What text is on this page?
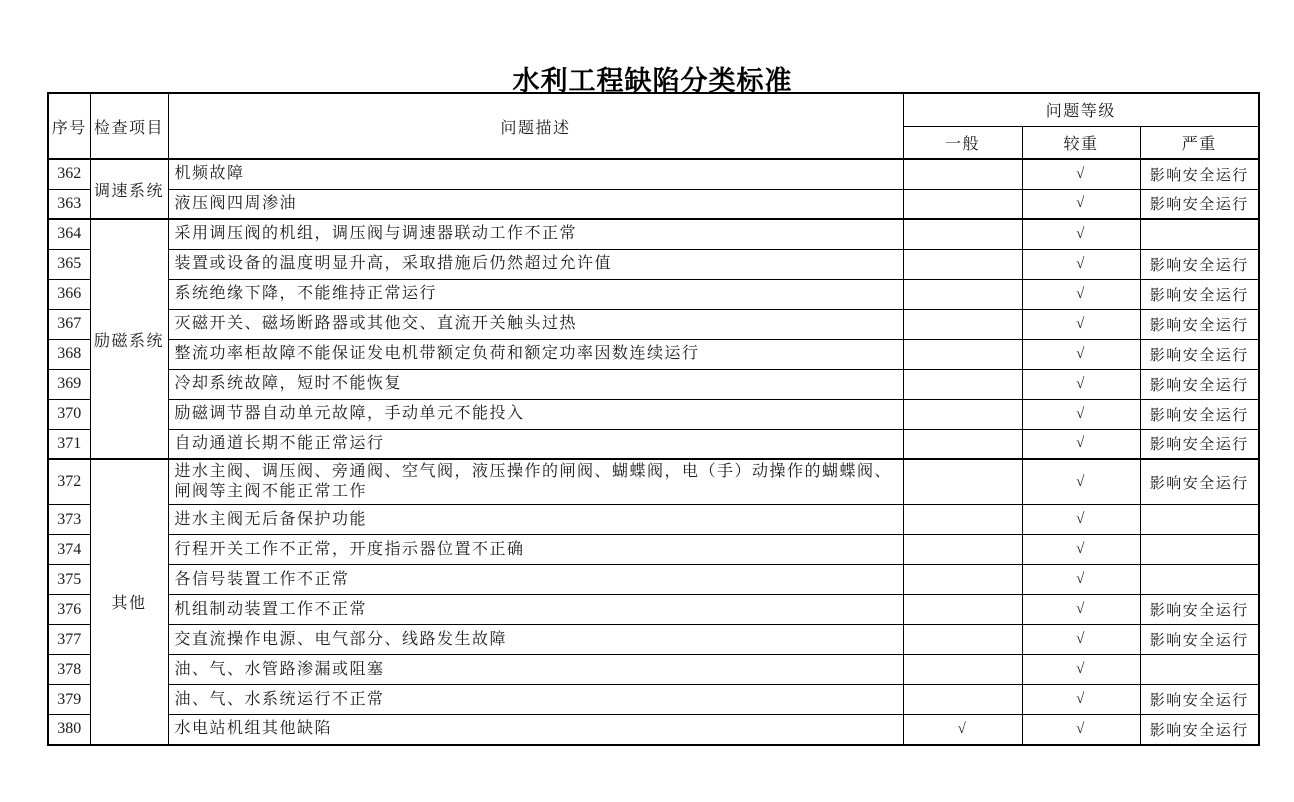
水利工程缺陷分类标准
序号	检查项目	问题描述	问题等级		
			一般	较重	严重
362	调速系统	机频故障		√	影响安全运行
363		液压阀四周渗油		√	影响安全运行
364	励磁系统	采用调压阀的机组，调压阀与调速器联动工作不正常		√	
365		装置或设备的温度明显升高，采取措施后仍然超过允许值		√	影响安全运行
366		系统绝缘下降，不能维持正常运行		√	影响安全运行
367		灭磁开关、磁场断路器或其他交、直流开关触头过热		√	影响安全运行
368		整流功率柜故障不能保证发电机带额定负荷和额定功率因数连续运行		√	影响安全运行
369		冷却系统故障，短时不能恢复		√	影响安全运行
370		励磁调节器自动单元故障，手动单元不能投入		√	影响安全运行
371		自动通道长期不能正常运行		√	影响安全运行
372	其他	进水主阀、调压阀、旁通阀、空气阀，液压操作的闸阀、蝴蝶阀，电（手）动操作的蝴蝶阀、闸阀等主阀不能正常工作		√	影响安全运行
373		进水主阀无后备保护功能		√	
374		行程开关工作不正常，开度指示器位置不正确		√	
375		各信号装置工作不正常		√	
376		机组制动装置工作不正常		√	影响安全运行
377		交直流操作电源、电气部分、线路发生故障		√	影响安全运行
378		油、气、水管路渗漏或阻塞		√	
379		油、气、水系统运行不正常		√	影响安全运行
380		水电站机组其他缺陷	√	√	影响安全运行
